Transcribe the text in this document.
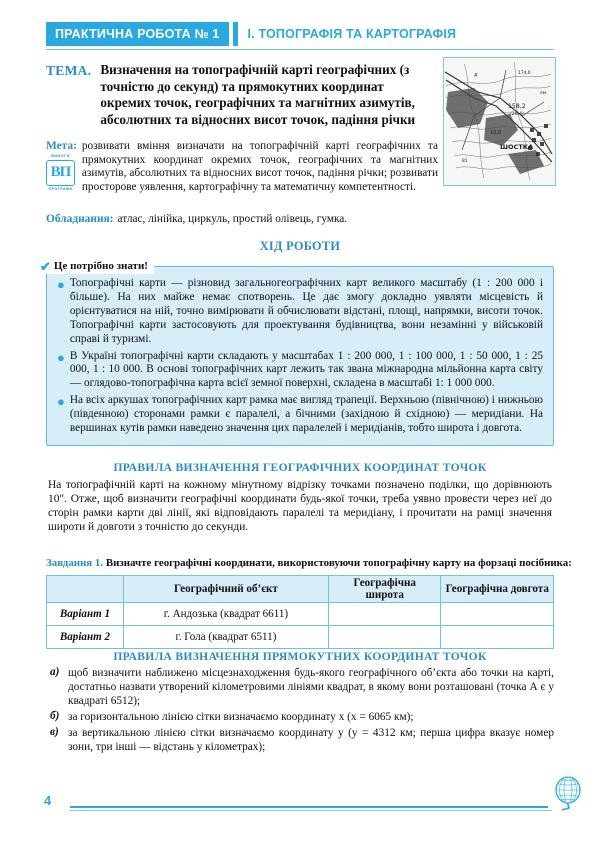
ПРАКТИЧНА РОБОТА № 1	I. ТОПОГРАФІЯ ТА КАРТОГРАФІЯ
ТЕМА. Визначення на топографічній карті географічних (з точністю до секунд) та прямокутних координат окремих точок, географічних та магнітних азимутів, абсолютних та відносних висот точок, падіння річки
158,2
(26,4)
10,0
ШОСТКА
д	174,0
ом.
81
Мета: розвивати вміння визначати на топографічній карті географічних та прямокутних координат окремих точок, географічних та магнітних азимутів, абсолютних та відносних висот точок, падіння річки; розвивати просторове уявлення, картографічну та математичну компетентності.
ВИМОГИ
ВП
ПРОГРАМИ
Обладнання: атлас, лінійка, циркуль, простий олівець, гумка.
ХІД РОБОТИ
● Топографічні карти — різновид загальногеографічних карт великого масштабу (1 : 200 000 і більше). На них майже немає спотворень. Це дає змогу докладно уявляти місцевість й орієнтуватися на ній, точно вимірювати й обчислювати відстані, площі, напрямки, висоти точок. Топографічні карти застосовують для проектування будівництва, вони незамінні у військовій справі й туризмі.
● В Україні топографічні карти складають у масштабах 1 : 200 000, 1 : 100 000, 1 : 50 000, 1 : 25 000, 1 : 10 000. В основі топографічних карт лежить так звана міжнародна мільйонна карта світу — оглядово-топографічна карта всієї земної поверхні, складена в масштабі 1: 1 000 000.
● На всіх аркушах топографічних карт рамка має вигляд трапеції. Верхньою (північною) і нижньою (південною) сторонами рамки є паралелі, а бічними (західною й східною) — меридіани. На вершинах кутів рамки наведено значення цих паралелей і меридіанів, тобто широта і довгота.
✔ Це потрібно знати!
ПРАВИЛА ВИЗНАЧЕННЯ ГЕОГРАФІЧНИХ КООРДИНАТ ТОЧОК
На топографічній карті на кожному мінутному відрізку точками позначено поділки, що дорівнюють 10″. Отже, щоб визначити географічні координати будь-якої точки, треба уявно провести через неї до сторін рамки карти дві лінії, які відповідають паралелі та меридіану, і прочитати на рамці значення широти й довготи з точністю до секунди.
Завдання 1. Визначте географічні координати, використовуючи топографічну карту на форзаці посібника:
	Географічний об’єкт	Географічна широта	Географічна довгота
Варіант 1	г. Андозька (квадрат 6611)		
Варіант 2	г. Гола (квадрат 6511)		
ПРАВИЛА ВИЗНАЧЕННЯ ПРЯМОКУТНИХ КООРДИНАТ ТОЧОК
а) щоб визначити наближено місцезнаходження будь-якого географічного об’єкта або точки на карті, достатньо назвати утворений кілометровими лініями квадрат, в якому вони розташовані (точка А є у квадраті 6512);
б) за горизонтальною лінією сітки визначаємо координату x (x = 6065 км);
в) за вертикальною лінією сітки визначаємо координату y (y = 4312 км; перша цифра вказує номер зони, три інші — відстань у кілометрах);
4
